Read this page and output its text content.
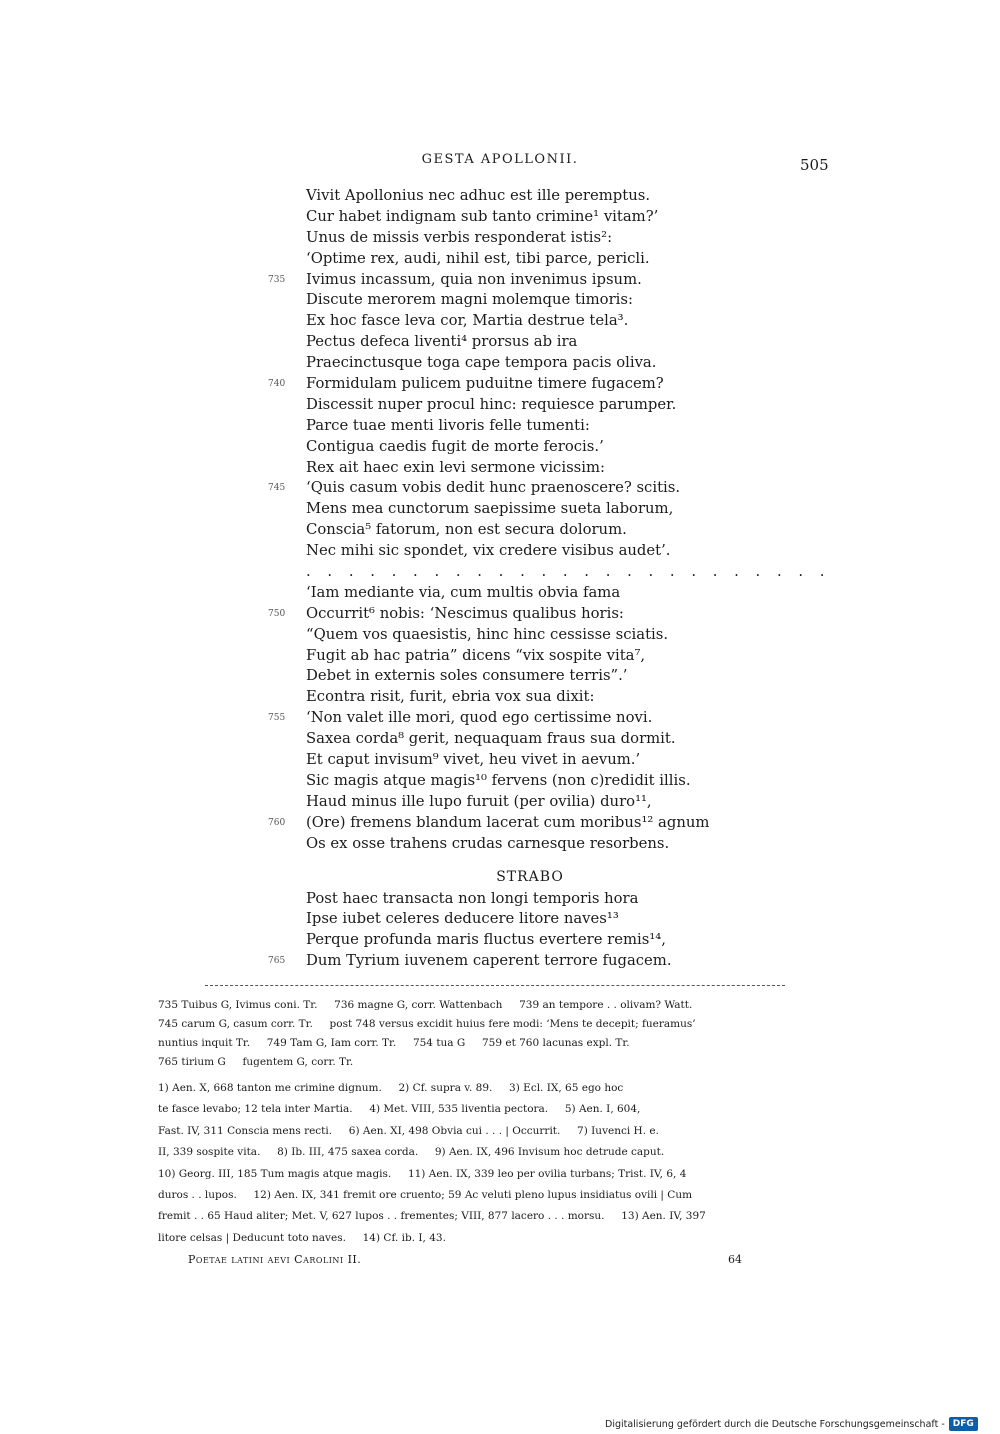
GESTA APOLLONII.	505
Vivit Apollonius nec adhuc est ille peremptus.
Cur habet indignam sub tanto crimine¹ vitam?’
Unus de missis verbis responderat istis²:
‘Optime rex, audi, nihil est, tibi parce, pericli.
735 Ivimus incassum, quia non invenimus ipsum.
Discute merorem magni molemque timoris:
Ex hoc fasce leva cor, Martia destrue tela³.
Pectus defeca liventi⁴ prorsus ab ira
Praecinctusque toga cape tempora pacis oliva.
740 Formidulam pulicem puduitne timere fugacem?
Discessit nuper procul hinc: requiesce parumper.
Parce tuae menti livoris felle tumenti:
Contigua caedis fugit de morte ferocis.’
Rex ait haec exin levi sermone vicissim:
745 ‘Quis casum vobis dedit hunc praenoscere? scitis.
Mens mea cunctorum saepissime sueta laborum,
Conscia⁵ fatorum, non est secura dolorum.
Nec mihi sic spondet, vix credere visibus audet’.
. . . . . . . . . . . . . . . . . . . . . . . . .
‘Iam mediante via, cum multis obvia fama
750 Occurrit⁶ nobis: ‘Nescimus qualibus horis:
“Quem vos quaesistis, hinc hinc cessisse sciatis.
Fugit ab hac patria” dicens “vix sospite vita⁷,
Debet in externis soles consumere terris”.’
Econtra risit, furit, ebria vox sua dixit:
755 ‘Non valet ille mori, quod ego certissime novi.
Saxea corda⁸ gerit, nequaquam fraus sua dormit.
Et caput invisum⁹ vivet, heu vivet in aevum.’
Sic magis atque magis¹⁰ fervens (non c)redidit illis.
Haud minus ille lupo furuit (per ovilia) duro¹¹,
760 (Ore) fremens blandum lacerat cum moribus¹² agnum
Os ex osse trahens crudas carnesque resorbens.
STRABO
Post haec transacta non longi temporis hora
Ipse iubet celeres deducere litore naves¹³
Perque profunda maris fluctus evertere remis¹⁴,
765 Dum Tyrium iuvenem caperent terrore fugacem.

735 Tuibus G, Ivimus coni. Tr.     736 magne G, corr. Wattenbach     739 an tempore . . olivam? Watt.

745 carum G, casum corr. Tr.     post 748 versus excidit huius fere modi: ‘Mens te decepit; fueramus’

nuntius inquit Tr.     749 Tam G, Iam corr. Tr.     754 tua G     759 et 760 lacunas expl. Tr.

765 tirium G     fugentem G, corr. Tr.

1) Aen. X, 668 tanton me crimine dignum.     2) Cf. supra v. 89.     3) Ecl. IX, 65 ego hoc

te fasce levabo; 12 tela inter Martia.     4) Met. VIII, 535 liventia pectora.     5) Aen. I, 604,

Fast. IV, 311 Conscia mens recti.     6) Aen. XI, 498 Obvia cui . . . | Occurrit.     7) Iuvenci H. e.

II, 339 sospite vita.     8) Ib. III, 475 saxea corda.     9) Aen. IX, 496 Invisum hoc detrude caput.

10) Georg. III, 185 Tum magis atque magis.     11) Aen. IX, 339 leo per ovilia turbans; Trist. IV, 6, 4

duros . . lupos.     12) Aen. IX, 341 fremit ore cruento; 59 Ac veluti pleno lupus insidiatus ovili | Cum

fremit . . 65 Haud aliter; Met. V, 627 lupos . . frementes; VIII, 877 lacero . . . morsu.     13) Aen. IV, 397

litore celsas | Deducunt toto naves.     14) Cf. ib. I, 43.

Poetae latini aevi Carolini II.	64
Digitalisierung gefördert durch die Deutsche Forschungsgemeinschaft - DFG
